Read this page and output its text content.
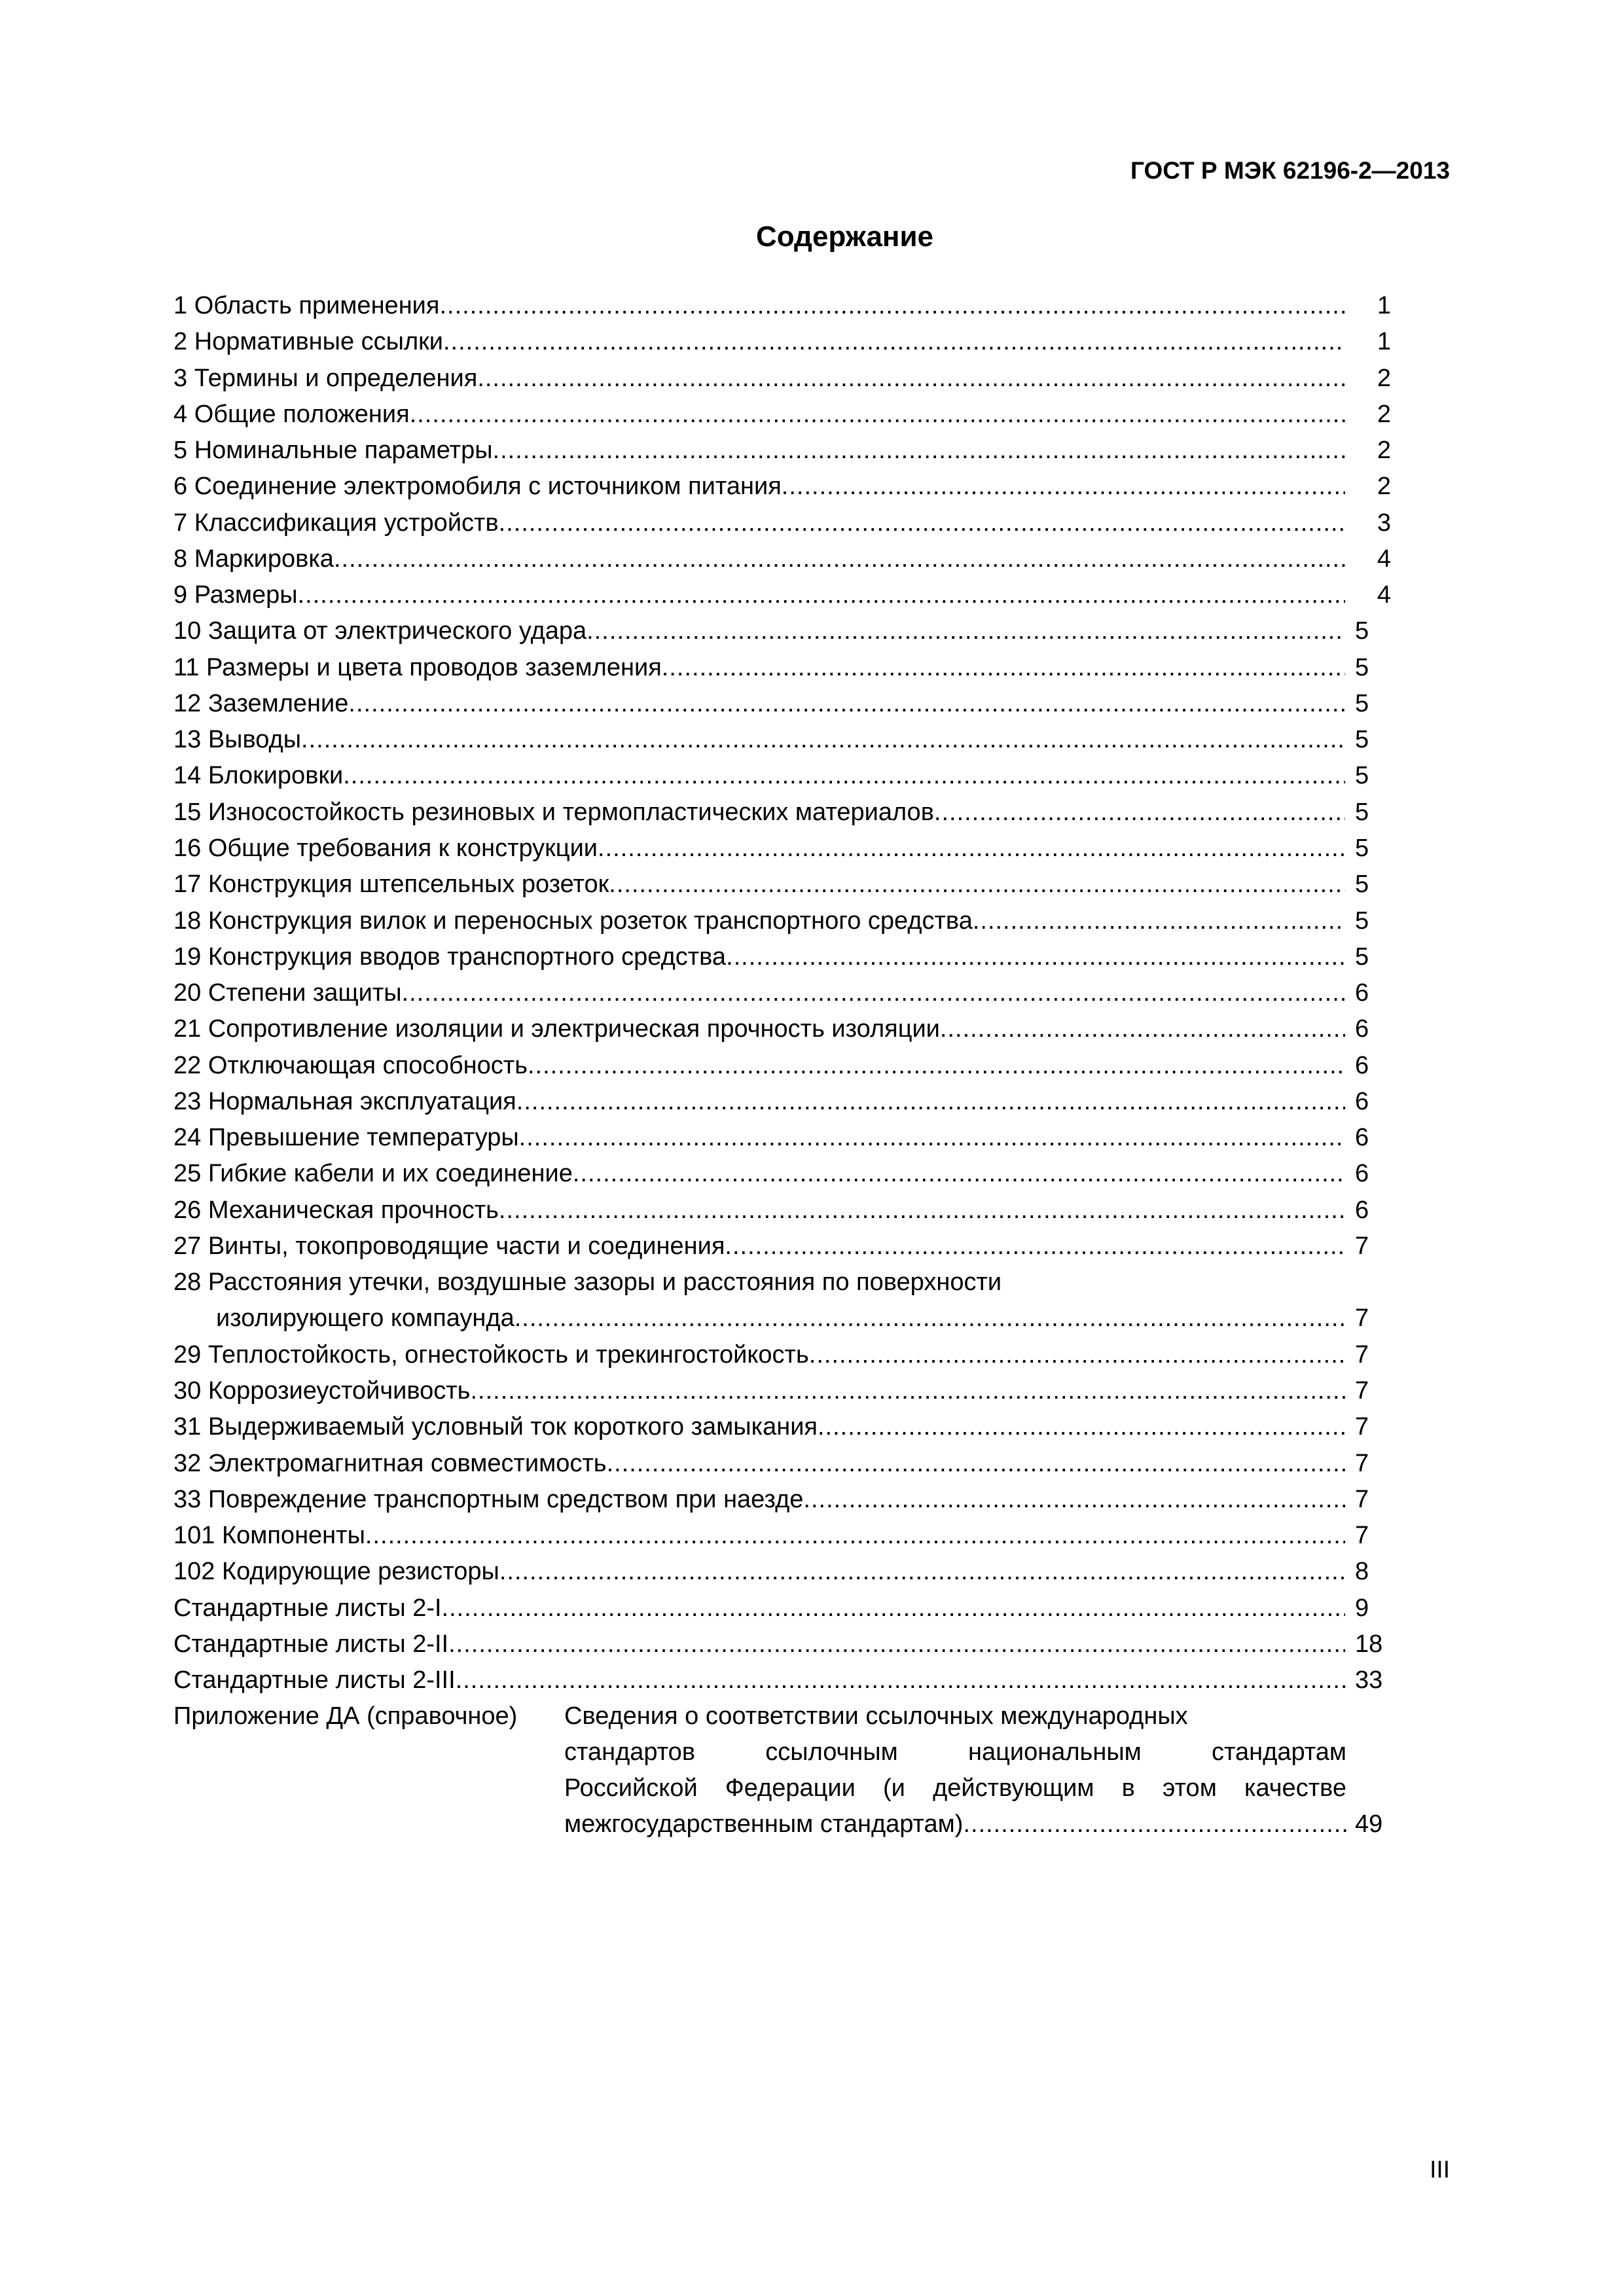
ГОСТ Р МЭК 62196-2—2013
Содержание
1 Область применения .....	1
2 Нормативные ссылки .....	1
3 Термины и определения .....	2
4 Общие положения .....	2
5 Номинальные параметры .....	2
6 Соединение электромобиля с источником питания .....	2
7 Классификация устройств .....	3
8 Маркировка .....	4
9 Размеры .....	4
10 Защита от электрического удара .....	5
11 Размеры и цвета проводов заземления .....	5
12 Заземление .....	5
13 Выводы .....	5
14 Блокировки .....	5
15 Износостойкость резиновых и термопластических материалов .....	5
16 Общие требования к конструкции .....	5
17 Конструкция штепсельных розеток .....	5
18 Конструкция вилок и переносных розеток транспортного средства .....	5
19 Конструкция вводов транспортного средства .....	5
20 Степени защиты .....	6
21 Сопротивление изоляции и электрическая прочность изоляции .....	6
22 Отключающая способность .....	6
23 Нормальная эксплуатация .....	6
24 Превышение температуры .....	6
25 Гибкие кабели и их соединение .....	6
26 Механическая прочность .....	6
27 Винты, токопроводящие части и соединения .....	7
28 Расстояния утечки, воздушные зазоры и расстояния по поверхности
изолирующего компаунда .....	7
29 Теплостойкость, огнестойкость и трекингостойкость .....	7
30 Коррозиеустойчивость .....	7
31 Выдерживаемый условный ток короткого замыкания .....	7
32 Электромагнитная совместимость .....	7
33 Повреждение транспортным средством при наезде .....	7
101 Компоненты .....	7
102 Кодирующие резисторы .....	8
Стандартные листы 2-I .....	9
Стандартные листы 2-II .....	18
Стандартные листы 2-III .....	33
Приложение ДА (справочное) Сведения о соответствии ссылочных международных
стандартов ссылочным национальным стандартам
Российской Федерации (и действующим в этом качестве
межгосударственным стандартам) .....	49
III
